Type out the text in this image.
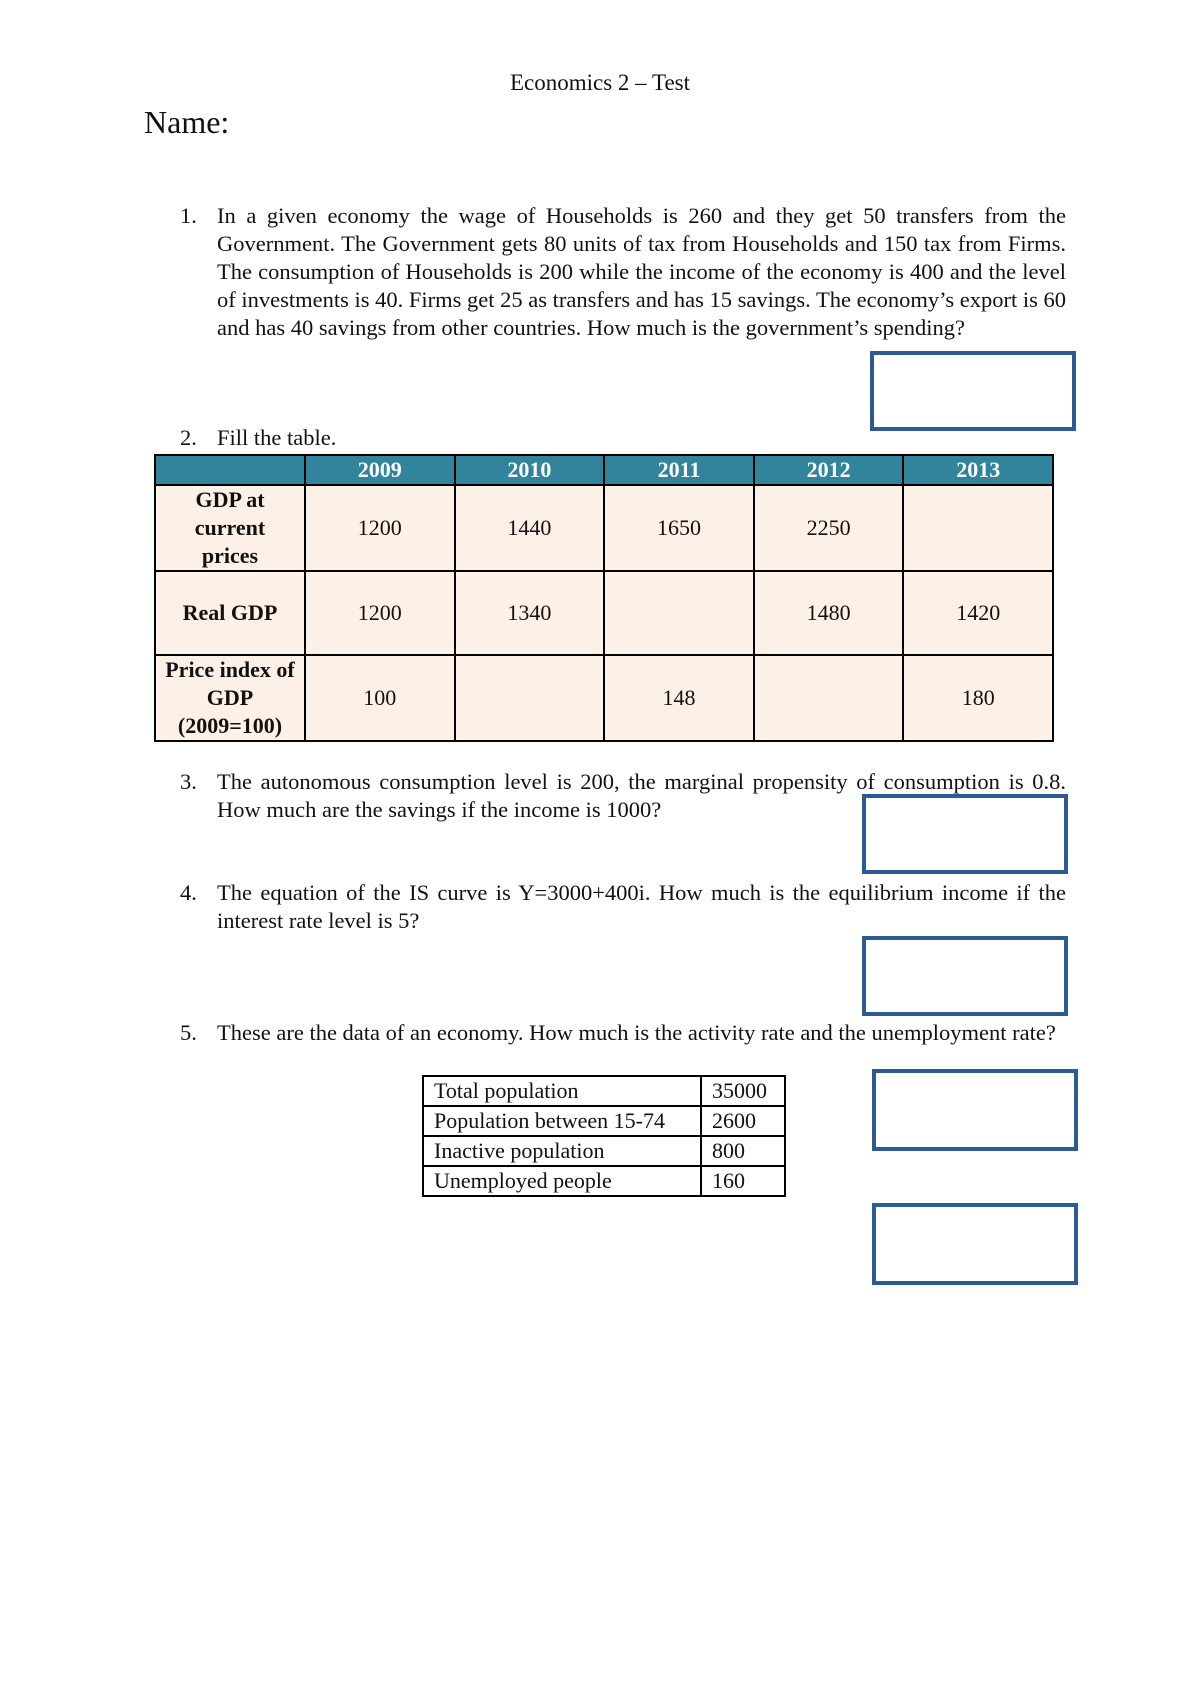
Economics 2 – Test
Name:
1. In a given economy the wage of Households is 260 and they get 50 transfers from the Government. The Government gets 80 units of tax from Households and 150 tax from Firms. The consumption of Households is 200 while the income of the economy is 400 and the level of investments is 40. Firms get 25 as transfers and has 15 savings. The economy’s export is 60 and has 40 savings from other countries. How much is the government’s spending?
2. Fill the table.
	2009	2010	2011	2012	2013
GDP at current prices	1200	1440	1650	2250	
Real GDP	1200	1340		1480	1420
Price index of GDP (2009=100)	100		148		180
3. The autonomous consumption level is 200, the marginal propensity of consumption is 0.8. How much are the savings if the income is 1000?
4. The equation of the IS curve is Y=3000+400i. How much is the equilibrium income if the interest rate level is 5?
5. These are the data of an economy. How much is the activity rate and the unemployment rate?
Total population	35000
Population between 15-74	2600
Inactive population	800
Unemployed people	160
